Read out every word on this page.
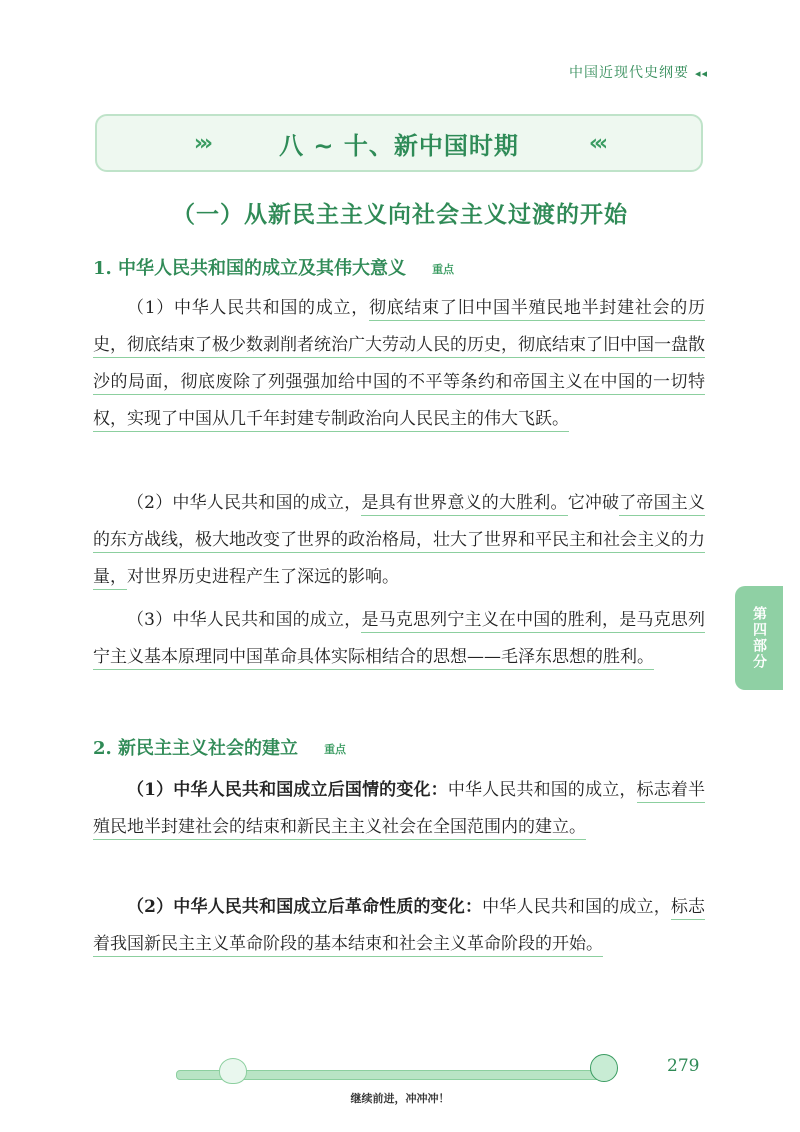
中国近现代史纲要 ◂◂
›››	八 ~ 十、新中国时期	‹‹‹
（一）从新民主主义向社会主义过渡的开始
1. 中华人民共和国的成立及其伟大意义 重点
（1）中华人民共和国的成立，彻底结束了旧中国半殖民地半封建社会的历史，彻底结束了极少数剥削者统治广大劳动人民的历史，彻底结束了旧中国一盘散沙的局面，彻底废除了列强强加给中国的不平等条约和帝国主义在中国的一切特权，实现了中国从几千年封建专制政治向人民民主的伟大飞跃。
（2）中华人民共和国的成立，是具有世界意义的大胜利。它冲破了帝国主义的东方战线，极大地改变了世界的政治格局，壮大了世界和平民主和社会主义的力量，对世界历史进程产生了深远的影响。
（3）中华人民共和国的成立，是马克思列宁主义在中国的胜利，是马克思列宁主义基本原理同中国革命具体实际相结合的思想——毛泽东思想的胜利。
2. 新民主主义社会的建立 重点
（1）中华人民共和国成立后国情的变化：中华人民共和国的成立，标志着半殖民地半封建社会的结束和新民主主义社会在全国范围内的建立。
（2）中华人民共和国成立后革命性质的变化：中华人民共和国的成立，标志着我国新民主主义革命阶段的基本结束和社会主义革命阶段的开始。
第四部分
279
继续前进，冲冲冲！
